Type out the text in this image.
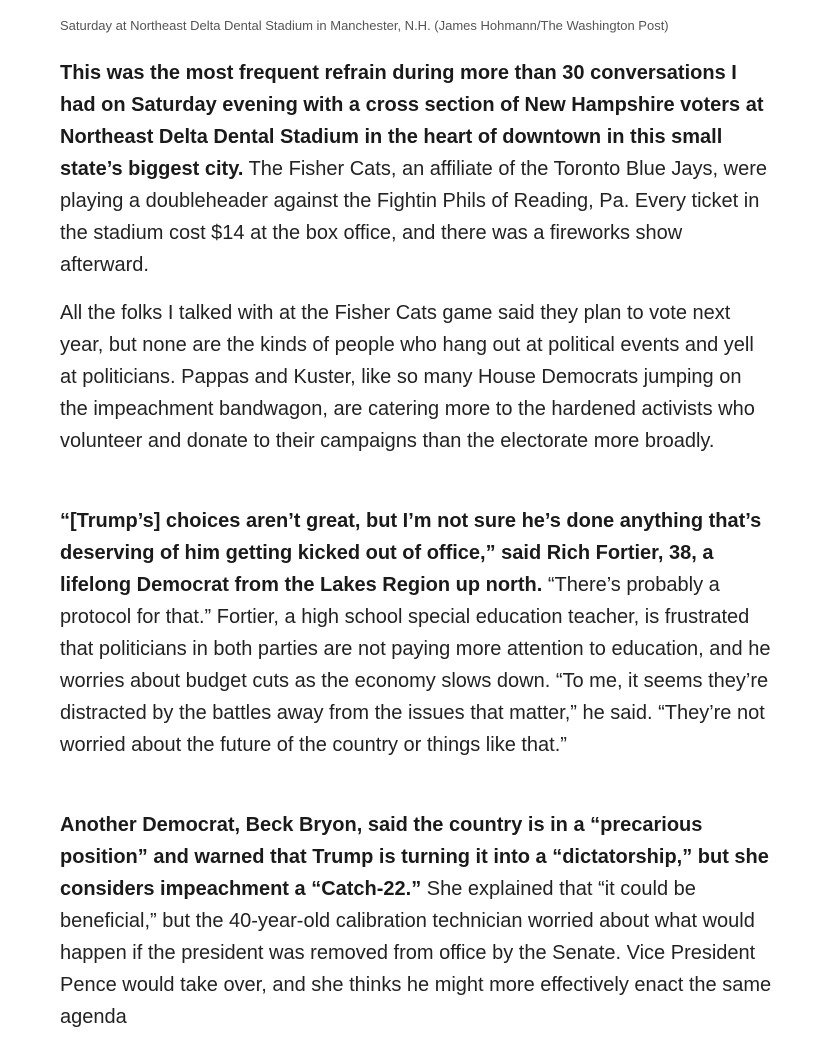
Saturday at Northeast Delta Dental Stadium in Manchester, N.H. (James Hohmann/The Washington Post)

This was the most frequent refrain during more than 30 conversations I had on Saturday evening with a cross section of New Hampshire voters at Northeast Delta Dental Stadium in the heart of downtown in this small state’s biggest city. The Fisher Cats, an affiliate of the Toronto Blue Jays, were playing a doubleheader against the Fightin Phils of Reading, Pa. Every ticket in the stadium cost $14 at the box office, and there was a fireworks show afterward.

All the folks I talked with at the Fisher Cats game said they plan to vote next year, but none are the kinds of people who hang out at political events and yell at politicians. Pappas and Kuster, like so many House Democrats jumping on the impeachment bandwagon, are catering more to the hardened activists who volunteer and donate to their campaigns than the electorate more broadly.

“[Trump’s] choices aren’t great, but I’m not sure he’s done anything that’s deserving of him getting kicked out of office,” said Rich Fortier, 38, a lifelong Democrat from the Lakes Region up north. “There’s probably a protocol for that.” Fortier, a high school special education teacher, is frustrated that politicians in both parties are not paying more attention to education, and he worries about budget cuts as the economy slows down. “To me, it seems they’re distracted by the battles away from the issues that matter,” he said. “They’re not worried about the future of the country or things like that.”

Another Democrat, Beck Bryon, said the country is in a “precarious position” and warned that Trump is turning it into a “dictatorship,” but she considers impeachment a “Catch-22.” She explained that “it could be beneficial,” but the 40-year-old calibration technician worried about what would happen if the president was removed from office by the Senate. Vice President Pence would take over, and she thinks he might more effectively enact the same agenda
